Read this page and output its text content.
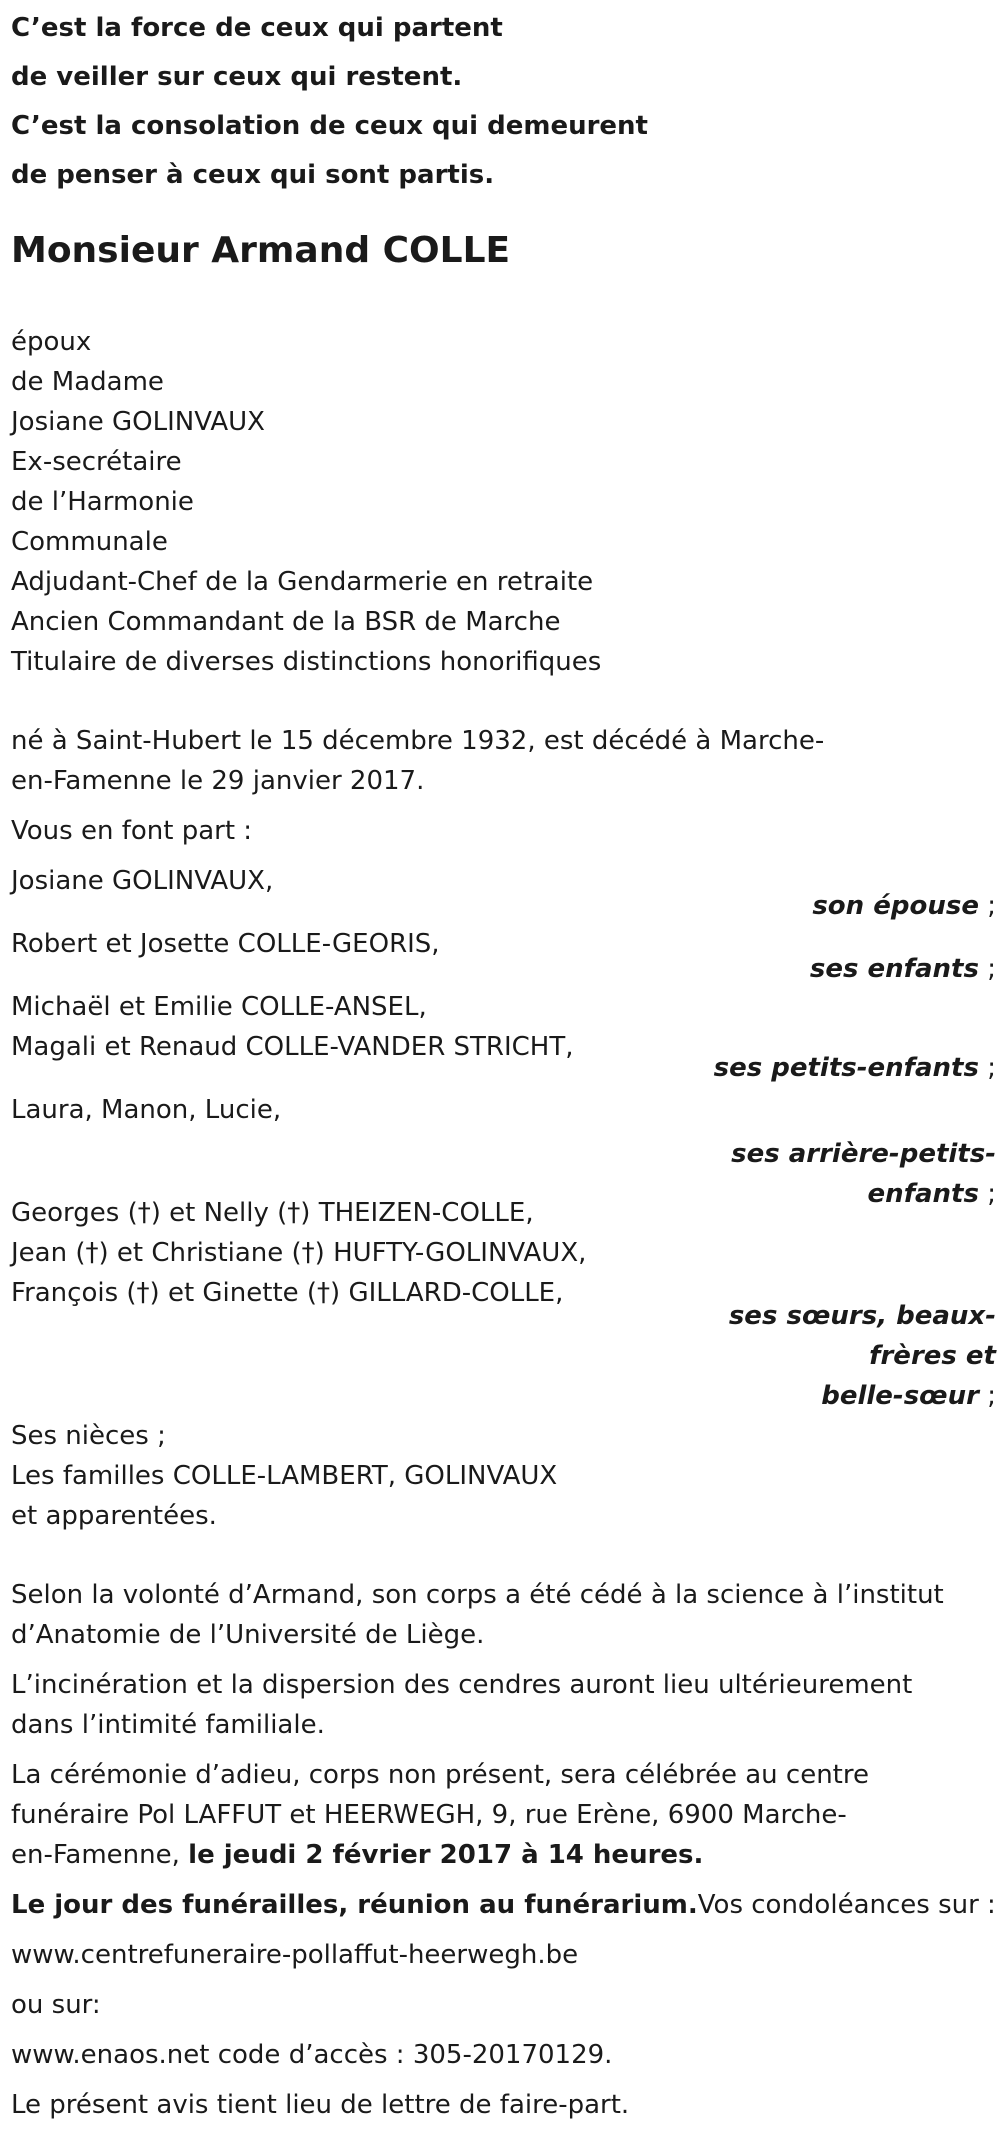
C’est la force de ceux qui partent
de veiller sur ceux qui restent.
C’est la consolation de ceux qui demeurent
de penser à ceux qui sont partis.
Monsieur Armand COLLE
époux
de Madame
Josiane GOLINVAUX
Ex-secrétaire
de l’Harmonie
Communale
Adjudant-Chef de la Gendarmerie en retraite
Ancien Commandant de la BSR de Marche
Titulaire de diverses distinctions honorifiques
né à Saint-Hubert le 15 décembre 1932, est décédé à Marche-
en-Famenne le 29 janvier 2017.
Vous en font part :
Josiane GOLINVAUX,
son épouse ;
Robert et Josette COLLE-GEORIS,
ses enfants ;
Michaël et Emilie COLLE-ANSEL,
Magali et Renaud COLLE-VANDER STRICHT,
ses petits-enfants ;
Laura, Manon, Lucie,
ses arrière-petits-
enfants ;
Georges (†) et Nelly (†) THEIZEN-COLLE,
Jean (†) et Christiane (†) HUFTY-GOLINVAUX,
François (†) et Ginette (†) GILLARD-COLLE,
ses sœurs, beaux-
frères et
belle-sœur ;
Ses nièces ;
Les familles COLLE-LAMBERT, GOLINVAUX
et apparentées.
Selon la volonté d’Armand, son corps a été cédé à la science à l’institut
d’Anatomie de l’Université de Liège.
L’incinération et la dispersion des cendres auront lieu ultérieurement
dans l’intimité familiale.
La cérémonie d’adieu, corps non présent, sera célébrée au centre
funéraire Pol LAFFUT et HEERWEGH, 9, rue Erène, 6900 Marche-
en-Famenne, le jeudi 2 février 2017 à 14 heures.
Le jour des funérailles, réunion au funérarium.Vos condoléances sur :
www.centrefuneraire-pollaffut-heerwegh.be
ou sur:
www.enaos.net code d’accès : 305-20170129.
Le présent avis tient lieu de lettre de faire-part.
